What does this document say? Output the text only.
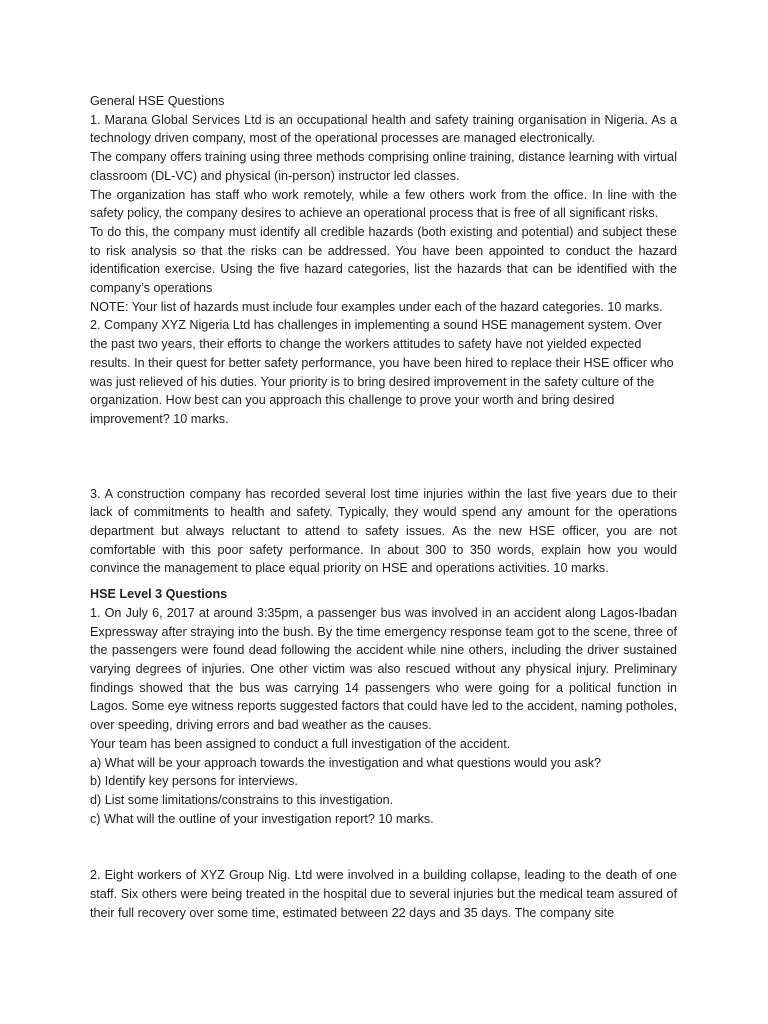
General HSE Questions

1. Marana Global Services Ltd is an occupational health and safety training organisation in Nigeria. As a technology driven company, most of the operational processes are managed electronically.

The company offers training using three methods comprising online training, distance learning with virtual classroom (DL-VC) and physical (in-person) instructor led classes.

The organization has staff who work remotely, while a few others work from the office. In line with the safety policy, the company desires to achieve an operational process that is free of all significant risks.

To do this, the company must identify all credible hazards (both existing and potential) and subject these to risk analysis so that the risks can be addressed. You have been appointed to conduct the hazard identification exercise. Using the five hazard categories, list the hazards that can be identified with the company’s operations

NOTE: Your list of hazards must include four examples under each of the hazard categories. 10 marks.

2. Company XYZ Nigeria Ltd has challenges in implementing a sound HSE management system. Over the past two years, their efforts to change the workers attitudes to safety have not yielded expected results. In their quest for better safety performance, you have been hired to replace their HSE officer who was just relieved of his duties. Your priority is to bring desired improvement in the safety culture of the organization. How best can you approach this challenge to prove your worth and bring desired improvement? 10 marks.

3. A construction company has recorded several lost time injuries within the last five years due to their lack of commitments to health and safety. Typically, they would spend any amount for the operations department but always reluctant to attend to safety issues. As the new HSE officer, you are not comfortable with this poor safety performance. In about 300 to 350 words, explain how you would convince the management to place equal priority on HSE and operations activities. 10 marks.

HSE Level 3 Questions

1. On July 6, 2017 at around 3:35pm, a passenger bus was involved in an accident along Lagos-Ibadan Expressway after straying into the bush. By the time emergency response team got to the scene, three of the passengers were found dead following the accident while nine others, including the driver sustained varying degrees of injuries. One other victim was also rescued without any physical injury. Preliminary findings showed that the bus was carrying 14 passengers who were going for a political function in Lagos. Some eye witness reports suggested factors that could have led to the accident, naming potholes, over speeding, driving errors and bad weather as the causes.

Your team has been assigned to conduct a full investigation of the accident.

a) What will be your approach towards the investigation and what questions would you ask?

b) Identify key persons for interviews.

d) List some limitations/constrains to this investigation.

c) What will the outline of your investigation report? 10 marks.

2. Eight workers of XYZ Group Nig. Ltd were involved in a building collapse, leading to the death of one staff. Six others were being treated in the hospital due to several injuries but the medical team assured of their full recovery over some time, estimated between 22 days and 35 days. The company site
